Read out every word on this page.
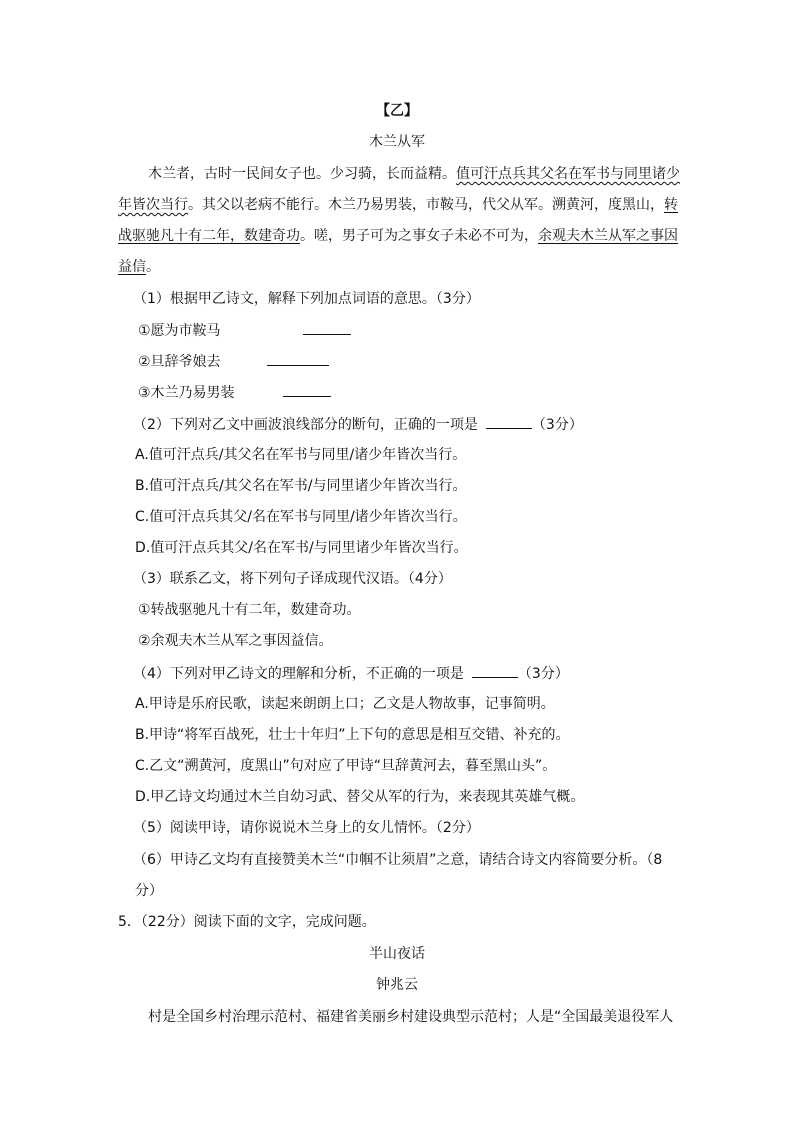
【乙】
木兰从军
木兰者，古时一民间女子也。少习骑，长而益精。值可汗点兵其父名在军书与同里诸少
年皆次当行。其父以老病不能行。木兰乃易男装，市鞍马，代父从军。溯黄河，度黑山，转
战驱驰凡十有二年，数建奇功。嗟，男子可为之事女子未必不可为，余观夫木兰从军之事因
益信。
（1）根据甲乙诗文，解释下列加点词语的意思。（3分）
①愿为市鞍马
②旦辞爷娘去
③木兰乃易男装
（2）下列对乙文中画波浪线部分的断句，正确的一项是	（3分）
A.值可汗点兵/其父名在军书与同里/诸少年皆次当行。
B.值可汗点兵/其父名在军书/与同里诸少年皆次当行。
C.值可汗点兵其父/名在军书与同里/诸少年皆次当行。
D.值可汗点兵其父/名在军书/与同里诸少年皆次当行。
（3）联系乙文，将下列句子译成现代汉语。（4分）
①转战驱驰凡十有二年，数建奇功。
②余观夫木兰从军之事因益信。
（4）下列对甲乙诗文的理解和分析，不正确的一项是	（3分）
A.甲诗是乐府民歌，读起来朗朗上口；乙文是人物故事，记事简明。
B.甲诗“将军百战死，壮士十年归”上下句的意思是相互交错、补充的。
C.乙文“溯黄河，度黑山”句对应了甲诗“旦辞黄河去，暮至黑山头”。
D.甲乙诗文均通过木兰自幼习武、替父从军的行为，来表现其英雄气概。
（5）阅读甲诗，请你说说木兰身上的女儿情怀。（2分）
（6）甲诗乙文均有直接赞美木兰“巾帼不让须眉”之意，请结合诗文内容简要分析。（8
分）
5．（22分）阅读下面的文字，完成问题。
半山夜话
钟兆云
村是全国乡村治理示范村、福建省美丽乡村建设典型示范村；人是“全国最美退役军人
